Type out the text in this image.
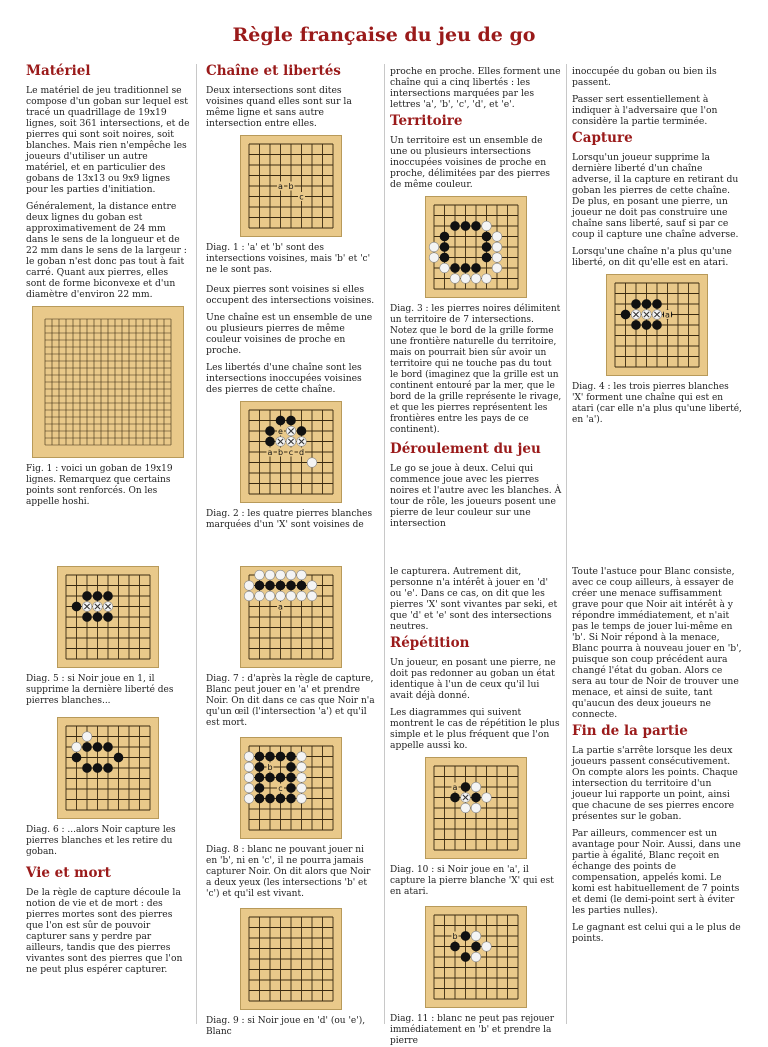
Règle française du jeu de go
Matériel

Le matériel de jeu traditionnel se compose d'un goban sur lequel est tracé un quadrillage de 19x19 lignes, soit 361 intersections, et de pierres qui sont soit noires, soit blanches. Mais rien n'empêche les joueurs d'utiliser un autre matériel, et en particulier des gobans de 13x13 ou 9x9 lignes pour les parties d'initiation.

Généralement, la distance entre deux lignes du goban est approximativement de 24 mm dans le sens de la longueur et de 22 mm dans le sens de la largeur : le goban n'est donc pas tout à fait carré. Quant aux pierres, elles sont de forme biconvexe et d'un diamètre d'environ 22 mm.

Fig. 1 : voici un goban de 19x19 lignes. Remarquez que certains points sont renforcés. On les appelle hoshi.
Diag. 5 : si Noir joue en 1, il supprime la dernière liberté des pierres blanches...
Diag. 6 : ...alors Noir capture les pierres blanches et les retire du goban.
Vie et mort

De la règle de capture découle la notion de vie et de mort : des pierres mortes sont des pierres que l'on est sûr de pouvoir capturer sans y perdre par ailleurs, tandis que des pierres vivantes sont des pierres que l'on ne peut plus espérer capturer.

Chaîne et libertés

Deux intersections sont dites voisines quand elles sont sur la même ligne et sans autre intersection entre elles.

a b
c
Diag. 1 : 'a' et 'b' sont des intersections voisines, mais 'b' et 'c' ne le sont pas.

Deux pierres sont voisines si elles occupent des intersections voisines.

Une chaîne est un ensemble de une ou plusieurs pierres de même couleur voisines de proche en proche.

Les libertés d'une chaîne sont les intersections inoccupées voisines des pierres de cette chaîne.

a b c d
e
Diag. 2 : les quatre pierres blanches marquées d'un 'X' sont voisines de
a
Diag. 7 : d'après la règle de capture, Blanc peut jouer en 'a' et prendre Noir. On dit dans ce cas que Noir n'a qu'un œil (l'intersection 'a') et qu'il est mort.
b
c
Diag. 8 : blanc ne pouvant jouer ni en 'b', ni en 'c', il ne pourra jamais capturer Noir. On dit alors que Noir a deux yeux (les intersections 'b' et 'c') et qu'il est vivant.
Diag. 9 : si Noir joue en 'd' (ou 'e'), Blanc

proche en proche. Elles forment une chaîne qui a cinq libertés : les intersections marquées par les lettres 'a', 'b', 'c', 'd', et 'e'.

Territoire

Un territoire est un ensemble de une ou plusieurs intersections inoccupées voisines de proche en proche, délimitées par des pierres de même couleur.

Diag. 3 : les pierres noires délimitent un territoire de 7 intersections. Notez que le bord de la grille forme une frontière naturelle du territoire, mais on pourrait bien sûr avoir un territoire qui ne touche pas du tout le bord (imaginez que la grille est un continent entouré par la mer, que le bord de la grille représente le rivage, et que les pierres représentent les frontières entre les pays de ce continent).
Déroulement du jeu

Le go se joue à deux. Celui qui commence joue avec les pierres noires et l'autre avec les blanches. À tour de rôle, les joueurs posent une pierre de leur couleur sur une intersection

le capturera. Autrement dit, personne n'a intérêt à jouer en 'd' ou 'e'. Dans ce cas, on dit que les pierres 'X' sont vivantes par seki, et que 'd' et 'e' sont des intersections neutres.

Répétition

Un joueur, en posant une pierre, ne doit pas redonner au goban un état identique à l'un de ceux qu'il lui avait déjà donné.

Les diagrammes qui suivent montrent le cas de répétition le plus simple et le plus fréquent que l'on appelle aussi ko.

a
Diag. 10 : si Noir joue en 'a', il capture la pierre blanche 'X' qui est en atari.
b
Diag. 11 : blanc ne peut pas rejouer immédiatement en 'b' et prendre la pierre

inoccupée du goban ou bien ils passent.

Passer sert essentiellement à indiquer à l'adversaire que l'on considère la partie terminée.

Capture

Lorsqu'un joueur supprime la dernière liberté d'un chaîne adverse, il la capture en retirant du goban les pierres de cette chaîne. De plus, en posant une pierre, un joueur ne doit pas construire une chaîne sans liberté, sauf si par ce coup il capture une chaîne adverse.

Lorsqu'une chaîne n'a plus qu'une liberté, on dit qu'elle est en atari.

a
Diag. 4 : les trois pierres blanches 'X' forment une chaîne qui est en atari (car elle n'a plus qu'une liberté, en 'a').

Toute l'astuce pour Blanc consiste, avec ce coup ailleurs, à essayer de créer une menace suffisamment grave pour que Noir ait intérêt à y répondre immédiatement, et n'ait pas le temps de jouer lui-même en 'b'. Si Noir répond à la menace, Blanc pourra à nouveau jouer en 'b', puisque son coup précédent aura changé l'état du goban. Alors ce sera au tour de Noir de trouver une menace, et ainsi de suite, tant qu'aucun des deux joueurs ne connecte.

Fin de la partie

La partie s'arrête lorsque les deux joueurs passent consécutivement. On compte alors les points. Chaque intersection du territoire d'un joueur lui rapporte un point, ainsi que chacune de ses pierres encore présentes sur le goban.

Par ailleurs, commencer est un avantage pour Noir. Aussi, dans une partie à égalité, Blanc reçoit en échange des points de compensation, appelés komi. Le komi est habituellement de 7 points et demi (le demi-point sert à éviter les parties nulles).

Le gagnant est celui qui a le plus de points.
